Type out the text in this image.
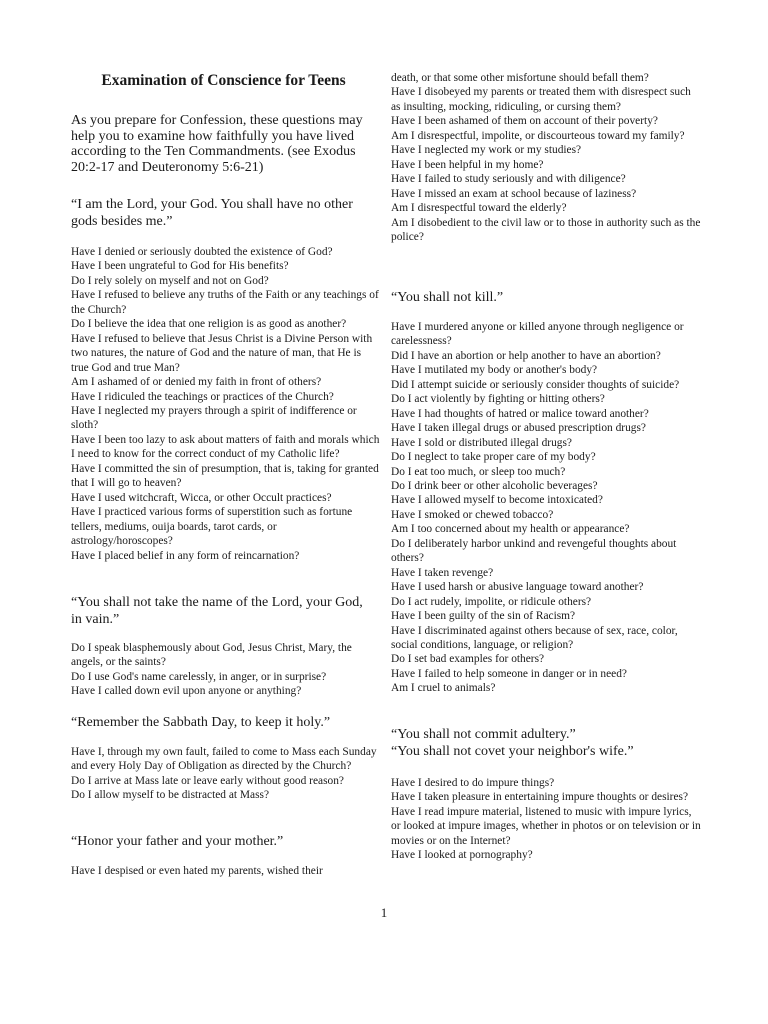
Examination of Conscience for Teens

As you prepare for Confession, these questions may help you to examine how faithfully you have lived according to the Ten Commandments. (see Exodus 20:2-17 and Deuteronomy 5:6-21)

“I am the Lord, your God. You shall have no other gods besides me.”

Have I denied or seriously doubted the existence of God?
Have I been ungrateful to God for His benefits?
Do I rely solely on myself and not on God?
Have I refused to believe any truths of the Faith or any teachings of the Church?
Do I believe the idea that one religion is as good as another?
Have I refused to believe that Jesus Christ is a Divine Person with two natures, the nature of God and the nature of man, that He is true God and true Man?
Am I ashamed of or denied my faith in front of others?
Have I ridiculed the teachings or practices of the Church?
Have I neglected my prayers through a spirit of indifference or sloth?
Have I been too lazy to ask about matters of faith and morals which I need to know for the correct conduct of my Catholic life?
Have I committed the sin of presumption, that is, taking for granted that I will go to heaven?
Have I used witchcraft, Wicca, or other Occult practices?
Have I practiced various forms of superstition such as fortune tellers, mediums, ouija boards, tarot cards, or astrology/horoscopes?
Have I placed belief in any form of reincarnation?

“You shall not take the name of the Lord, your God, in vain.”

Do I speak blasphemously about God, Jesus Christ, Mary, the angels, or the saints?
Do I use God's name carelessly, in anger, or in surprise?
Have I called down evil upon anyone or anything?

“Remember the Sabbath Day, to keep it holy.”

Have I, through my own fault, failed to come to Mass each Sunday and every Holy Day of Obligation as directed by the Church?
Do I arrive at Mass late or leave early without good reason?
Do I allow myself to be distracted at Mass?

“Honor your father and your mother.”

Have I despised or even hated my parents, wished their
death, or that some other misfortune should befall them?
Have I disobeyed my parents or treated them with disrespect such as insulting, mocking, ridiculing, or cursing them?
Have I been ashamed of them on account of their poverty?
Am I disrespectful, impolite, or discourteous toward my family?
Have I neglected my work or my studies?
Have I been helpful in my home?
Have I failed to study seriously and with diligence?
Have I missed an exam at school because of laziness?
Am I disrespectful toward the elderly?
Am I disobedient to the civil law or to those in authority such as the police?

“You shall not kill.”

Have I murdered anyone or killed anyone through negligence or carelessness?
Did I have an abortion or help another to have an abortion?
Have I mutilated my body or another's body?
Did I attempt suicide or seriously consider thoughts of suicide?
Do I act violently by fighting or hitting others?
Have I had thoughts of hatred or malice toward another?
Have I taken illegal drugs or abused prescription drugs?
Have I sold or distributed illegal drugs?
Do I neglect to take proper care of my body?
Do I eat too much, or sleep too much?
Do I drink beer or other alcoholic beverages?
Have I allowed myself to become intoxicated?
Have I smoked or chewed tobacco?
Am I too concerned about my health or appearance?
Do I deliberately harbor unkind and revengeful thoughts about others?
Have I taken revenge?
Have I used harsh or abusive language toward another?
Do I act rudely, impolite, or ridicule others?
Have I been guilty of the sin of Racism?
Have I discriminated against others because of sex, race, color, social conditions, language, or religion?
Do I set bad examples for others?
Have I failed to help someone in danger or in need?
Am I cruel to animals?

“You shall not commit adultery.”

“You shall not covet your neighbor's wife.”

Have I desired to do impure things?
Have I taken pleasure in entertaining impure thoughts or desires?
Have I read impure material, listened to music with impure lyrics, or looked at impure images, whether in photos or on television or in movies or on the Internet?
Have I looked at pornography?
1
